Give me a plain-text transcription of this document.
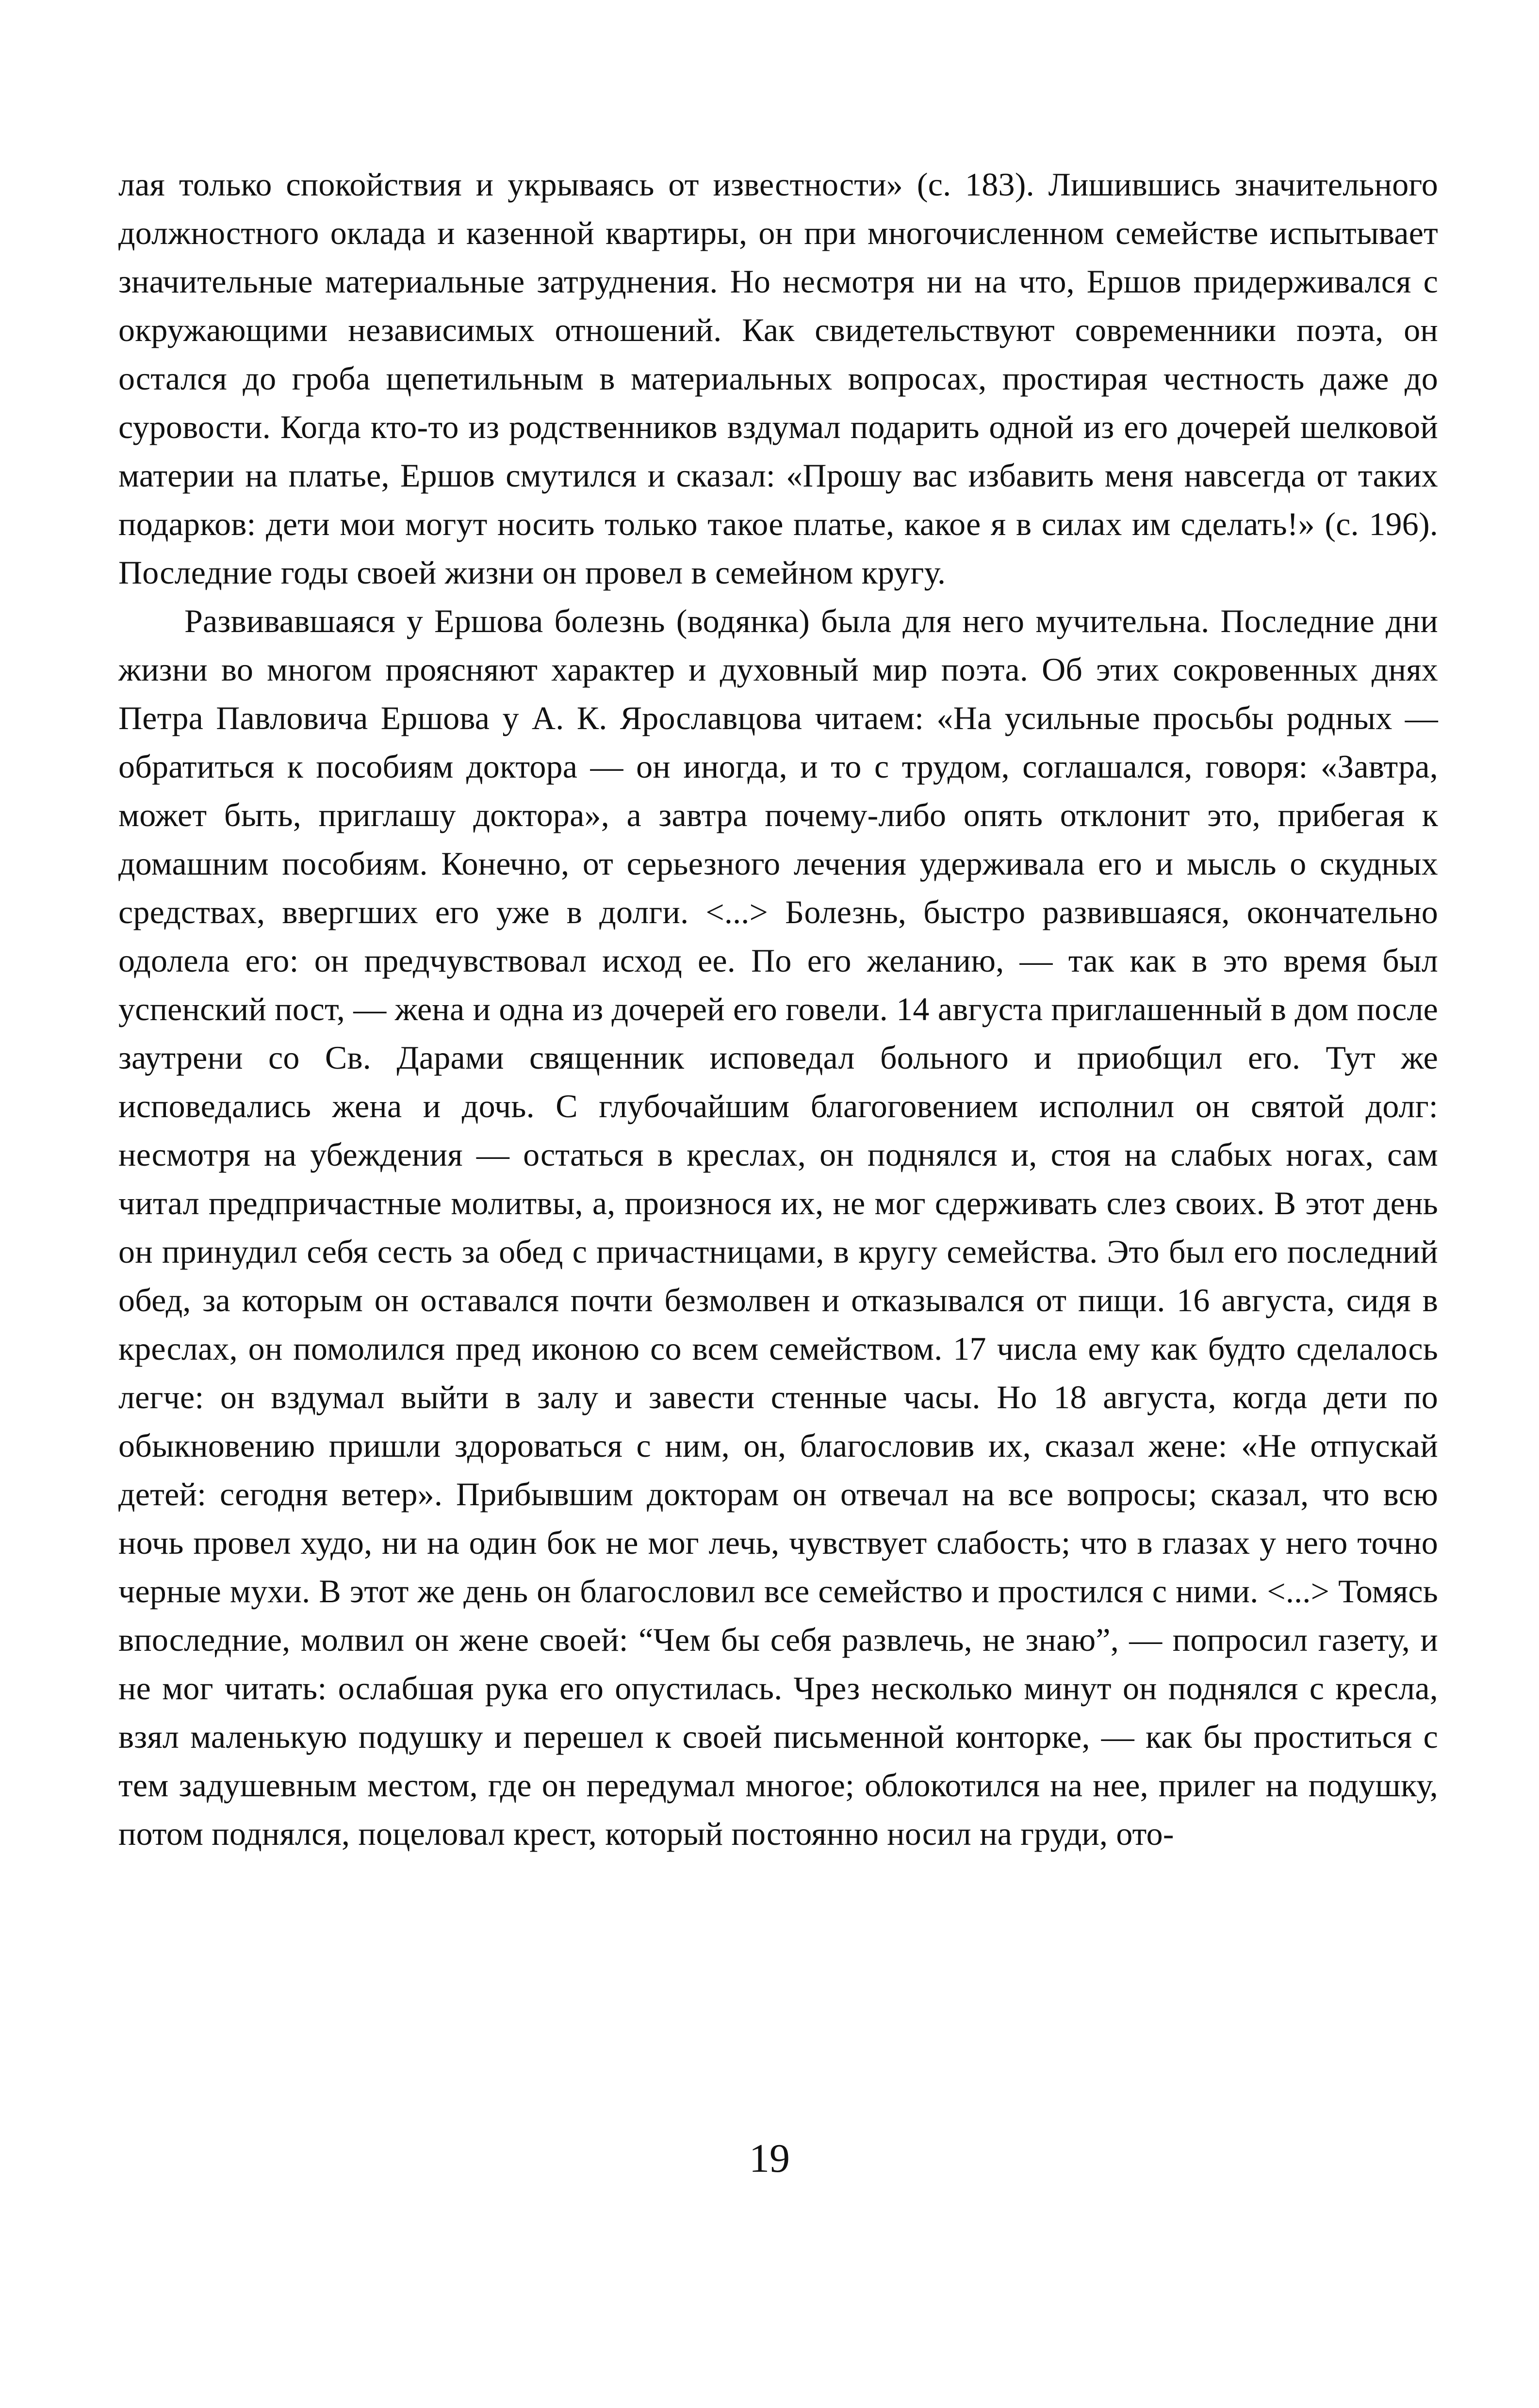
лая только спокойствия и укрываясь от известности» (с. 183). Лишившись значительного должностного оклада и казенной квартиры, он при многочисленном семействе испытывает значительные материальные затруднения. Но несмотря ни на что, Ершов придерживался с окружающими независимых отношений. Как свидетельствуют современники поэта, он остался до гроба щепетильным в материальных вопросах, простирая честность даже до суровости. Когда кто-то из родственников вздумал подарить одной из его дочерей шелковой материи на платье, Ершов смутился и сказал: «Прошу вас избавить меня навсегда от таких подарков: дети мои могут носить только такое платье, какое я в силах им сделать!» (с. 196). Последние годы своей жизни он провел в семейном кругу.

Развивавшаяся у Ершова болезнь (водянка) была для него мучительна. Последние дни жизни во многом проясняют характер и духовный мир поэта. Об этих сокровенных днях Петра Павловича Ершова у А. К. Ярославцова читаем: «На усильные просьбы родных — обратиться к пособиям доктора — он иногда, и то с трудом, соглашался, говоря: «Завтра, может быть, приглашу доктора», а завтра почему-либо опять отклонит это, прибегая к домашним пособиям. Конечно, от серьезного лечения удерживала его и мысль о скудных средствах, ввергших его уже в долги. <...> Болезнь, быстро развившаяся, окончательно одолела его: он предчувствовал исход ее. По его желанию, — так как в это время был успенский пост, — жена и одна из дочерей его говели. 14 августа приглашенный в дом после заутрени со Св. Дарами священник исповедал больного и приобщил его. Тут же исповедались жена и дочь. С глубочайшим благоговением исполнил он святой долг: несмотря на убеждения — остаться в креслах, он поднялся и, стоя на слабых ногах, сам читал предпричастные молитвы, а, произнося их, не мог сдерживать слез своих. В этот день он принудил себя сесть за обед с причастницами, в кругу семейства. Это был его последний обед, за которым он оставался почти безмолвен и отказывался от пищи. 16 августа, сидя в креслах, он помолился пред иконою со всем семейством. 17 числа ему как будто сделалось легче: он вздумал выйти в залу и завести стенные часы. Но 18 августа, когда дети по обыкновению пришли здороваться с ним, он, благословив их, сказал жене: «Не отпускай детей: сегодня ветер». Прибывшим докторам он отвечал на все вопросы; сказал, что всю ночь провел худо, ни на один бок не мог лечь, чувствует слабость; что в глазах у него точно черные мухи. В этот же день он благословил все семейство и простился с ними. <...> Томясь впоследние, молвил он жене своей: “Чем бы себя развлечь, не знаю”, — попросил газету, и не мог читать: ослабшая рука его опустилась. Чрез несколько минут он поднялся с кресла, взял маленькую подушку и перешел к своей письменной конторке, — как бы проститься с тем задушевным местом, где он передумал многое; облокотился на нее, прилег на подушку, потом поднялся, поцеловал крест, который постоянно носил на груди, ото-

19
